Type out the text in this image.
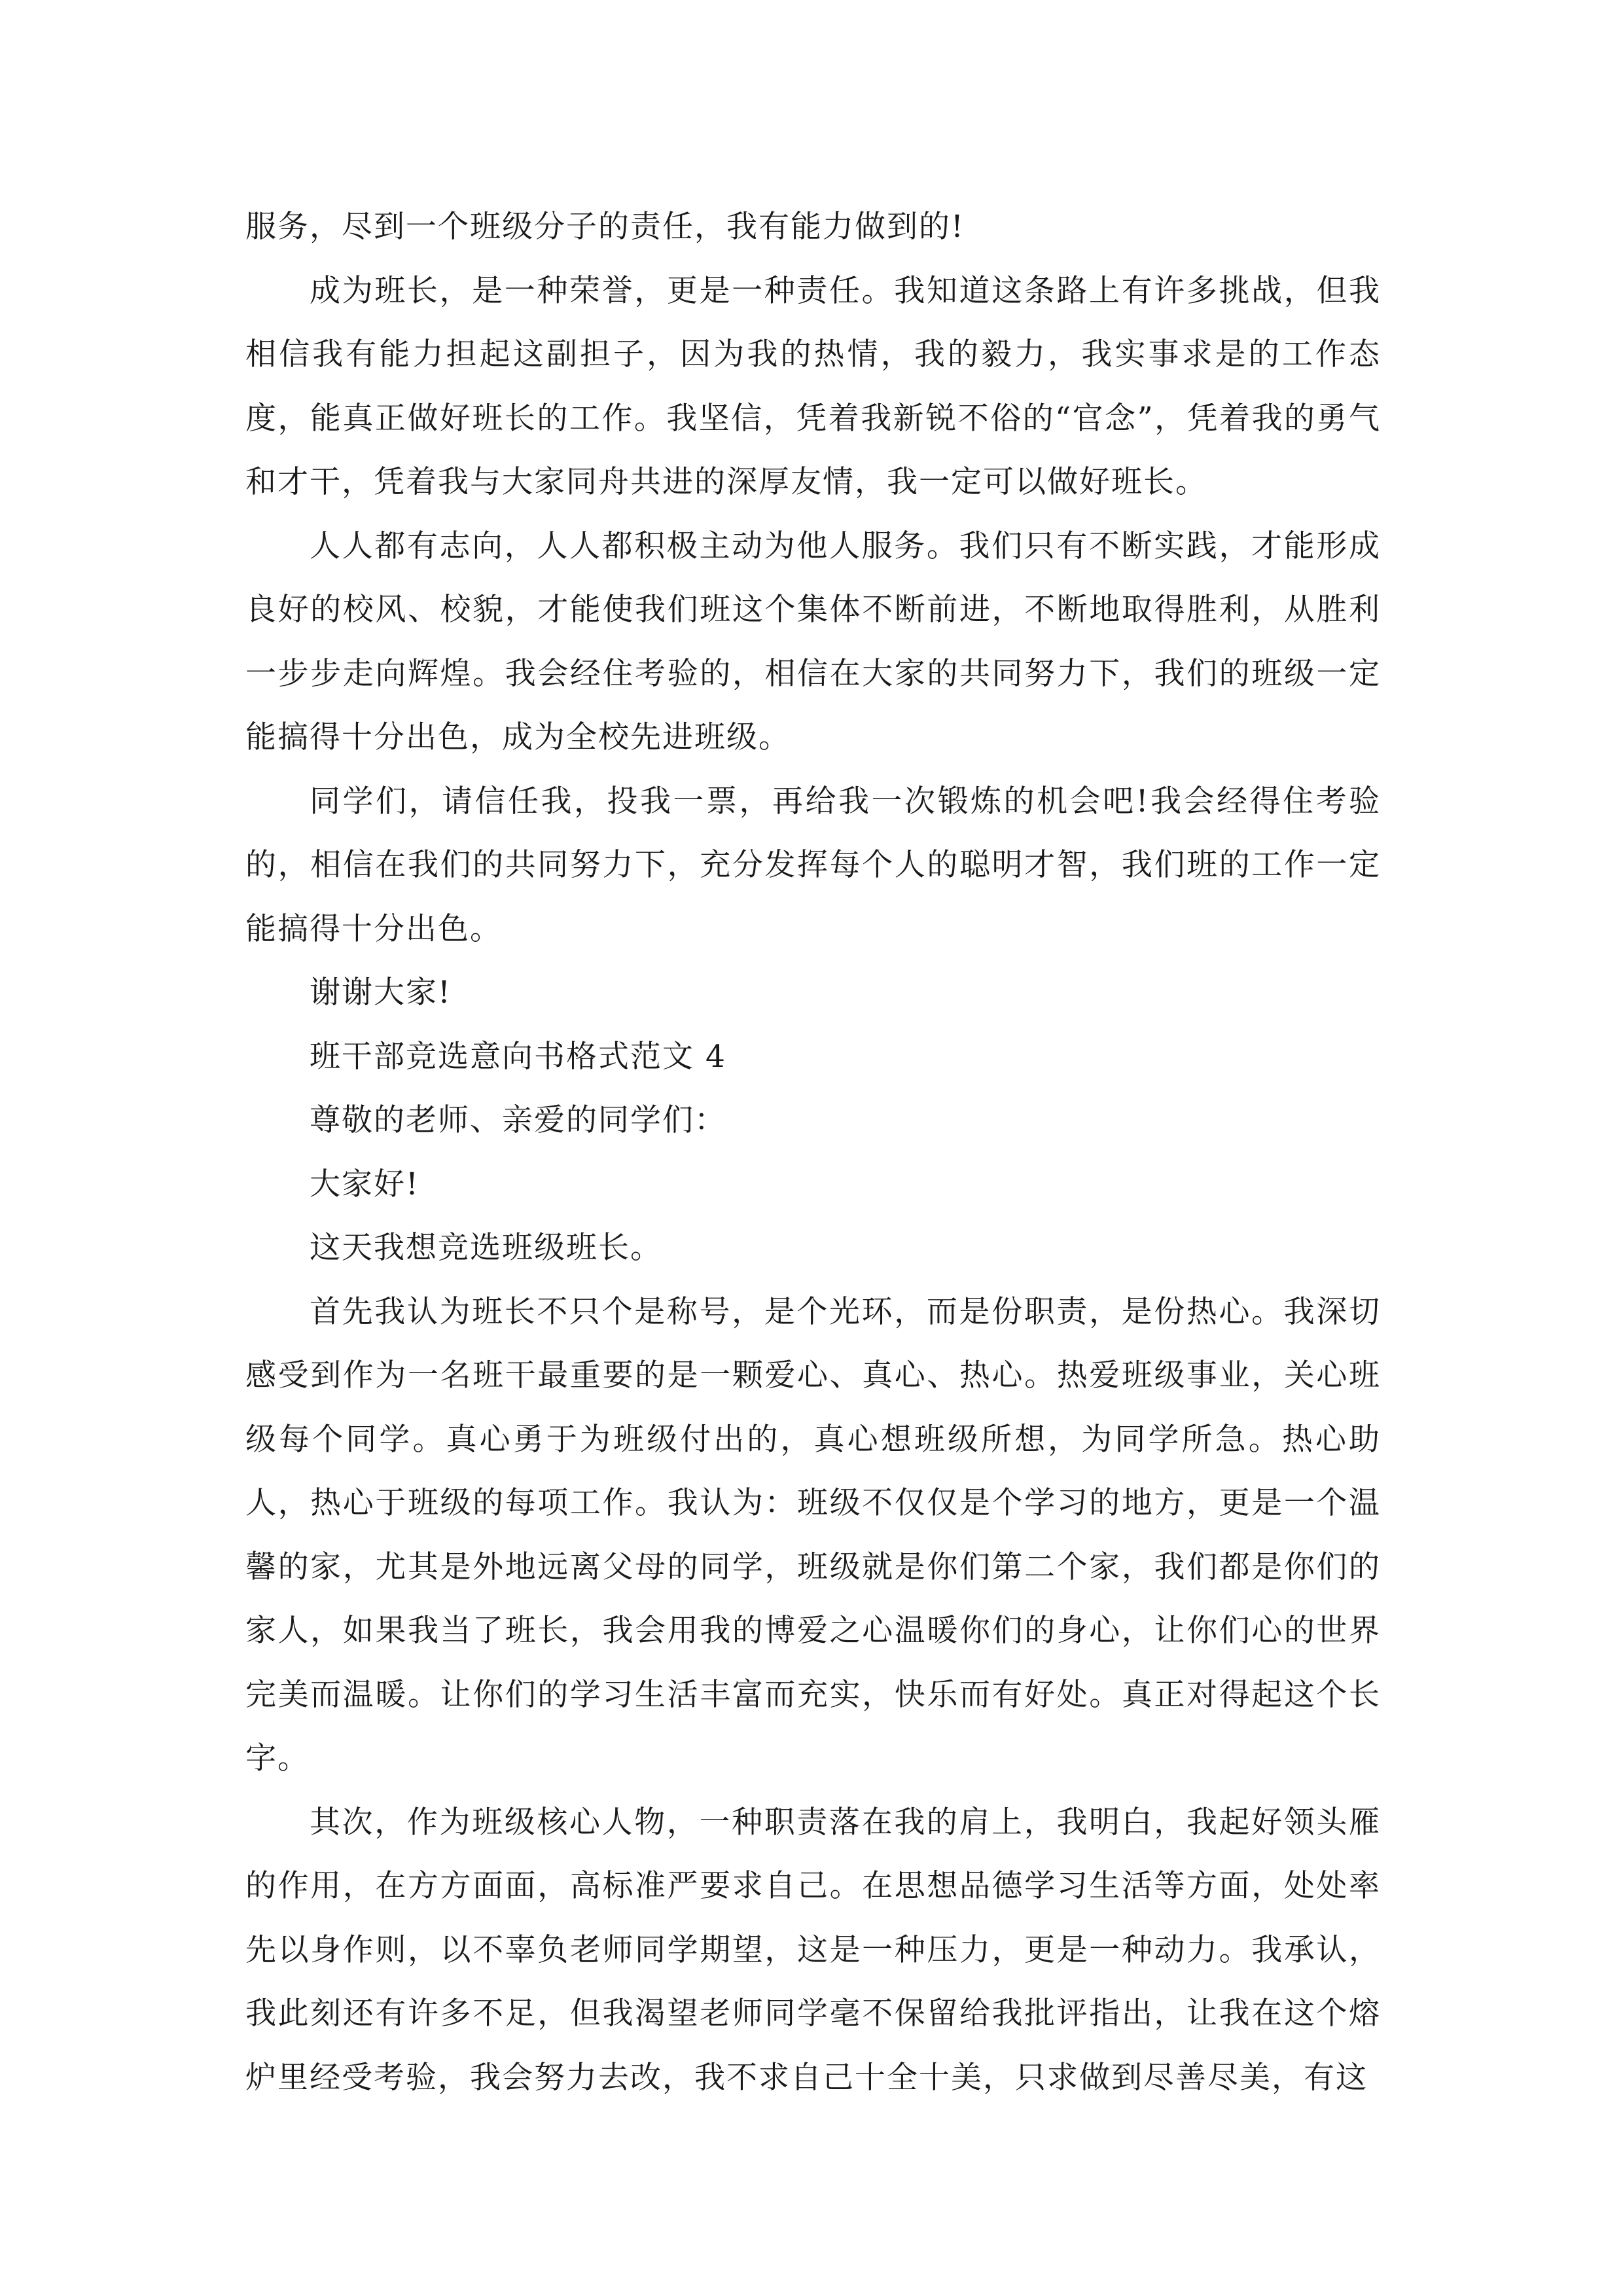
服务，尽到一个班级分子的责任，我有能力做到的!

成为班长，是一种荣誉，更是一种责任。我知道这条路上有许多挑战，但我相信我有能力担起这副担子，因为我的热情，我的毅力，我实事求是的工作态度，能真正做好班长的工作。我坚信，凭着我新锐不俗的“官念”，凭着我的勇气和才干，凭着我与大家同舟共进的深厚友情，我一定可以做好班长。

人人都有志向，人人都积极主动为他人服务。我们只有不断实践，才能形成良好的校风、校貌，才能使我们班这个集体不断前进，不断地取得胜利，从胜利一步步走向辉煌。我会经住考验的，相信在大家的共同努力下，我们的班级一定能搞得十分出色，成为全校先进班级。

同学们，请信任我，投我一票，再给我一次锻炼的机会吧!我会经得住考验的，相信在我们的共同努力下，充分发挥每个人的聪明才智，我们班的工作一定能搞得十分出色。

谢谢大家!

班干部竞选意向书格式范文 4

尊敬的老师、亲爱的同学们：

大家好!

这天我想竞选班级班长。

首先我认为班长不只个是称号，是个光环，而是份职责，是份热心。我深切感受到作为一名班干最重要的是一颗爱心、真心、热心。热爱班级事业，关心班级每个同学。真心勇于为班级付出的，真心想班级所想，为同学所急。热心助人，热心于班级的每项工作。我认为：班级不仅仅是个学习的地方，更是一个温馨的家，尤其是外地远离父母的同学，班级就是你们第二个家，我们都是你们的家人，如果我当了班长，我会用我的博爱之心温暖你们的身心，让你们心的世界完美而温暖。让你们的学习生活丰富而充实，快乐而有好处。真正对得起这个长字。

其次，作为班级核心人物，一种职责落在我的肩上，我明白，我起好领头雁的作用，在方方面面，高标准严要求自己。在思想品德学习生活等方面，处处率先以身作则，以不辜负老师同学期望，这是一种压力，更是一种动力。我承认，我此刻还有许多不足，但我渴望老师同学毫不保留给我批评指出，让我在这个熔炉里经受考验，我会努力去改，我不求自己十全十美，只求做到尽善尽美，有这
